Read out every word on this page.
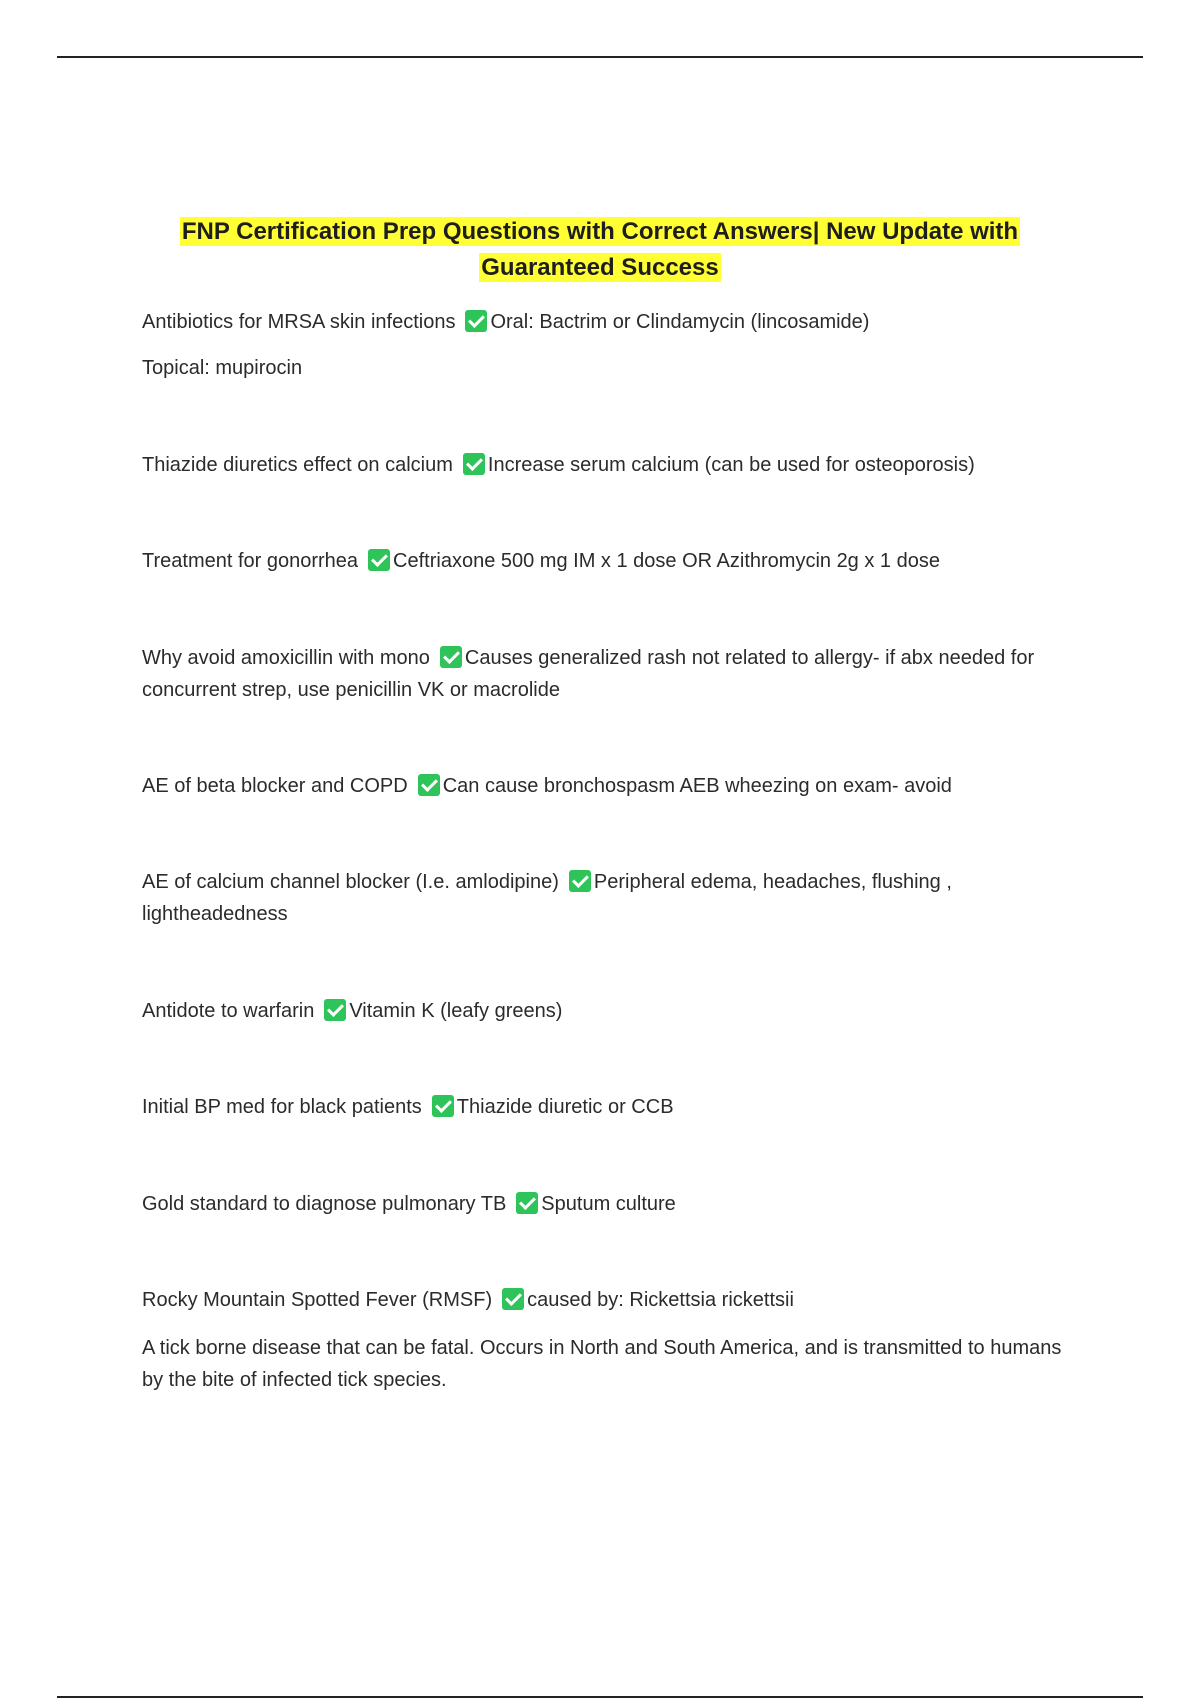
FNP Certification Prep Questions with Correct Answers| New Update with
Guaranteed Success

Antibiotics for MRSA skin infections Oral: Bactrim or Clindamycin (lincosamide)

Topical: mupirocin

Thiazide diuretics effect on calcium Increase serum calcium (can be used for osteoporosis)

Treatment for gonorrhea Ceftriaxone 500 mg IM x 1 dose OR Azithromycin 2g x 1 dose

Why avoid amoxicillin with mono Causes generalized rash not related to allergy- if abx needed for concurrent strep, use penicillin VK or macrolide

AE of beta blocker and COPD Can cause bronchospasm AEB wheezing on exam- avoid

AE of calcium channel blocker (I.e. amlodipine) Peripheral edema, headaches, flushing , lightheadedness

Antidote to warfarin Vitamin K (leafy greens)

Initial BP med for black patients Thiazide diuretic or CCB

Gold standard to diagnose pulmonary TB Sputum culture

Rocky Mountain Spotted Fever (RMSF) caused by: Rickettsia rickettsii

A tick borne disease that can be fatal. Occurs in North and South America, and is transmitted to humans by the bite of infected tick species.
